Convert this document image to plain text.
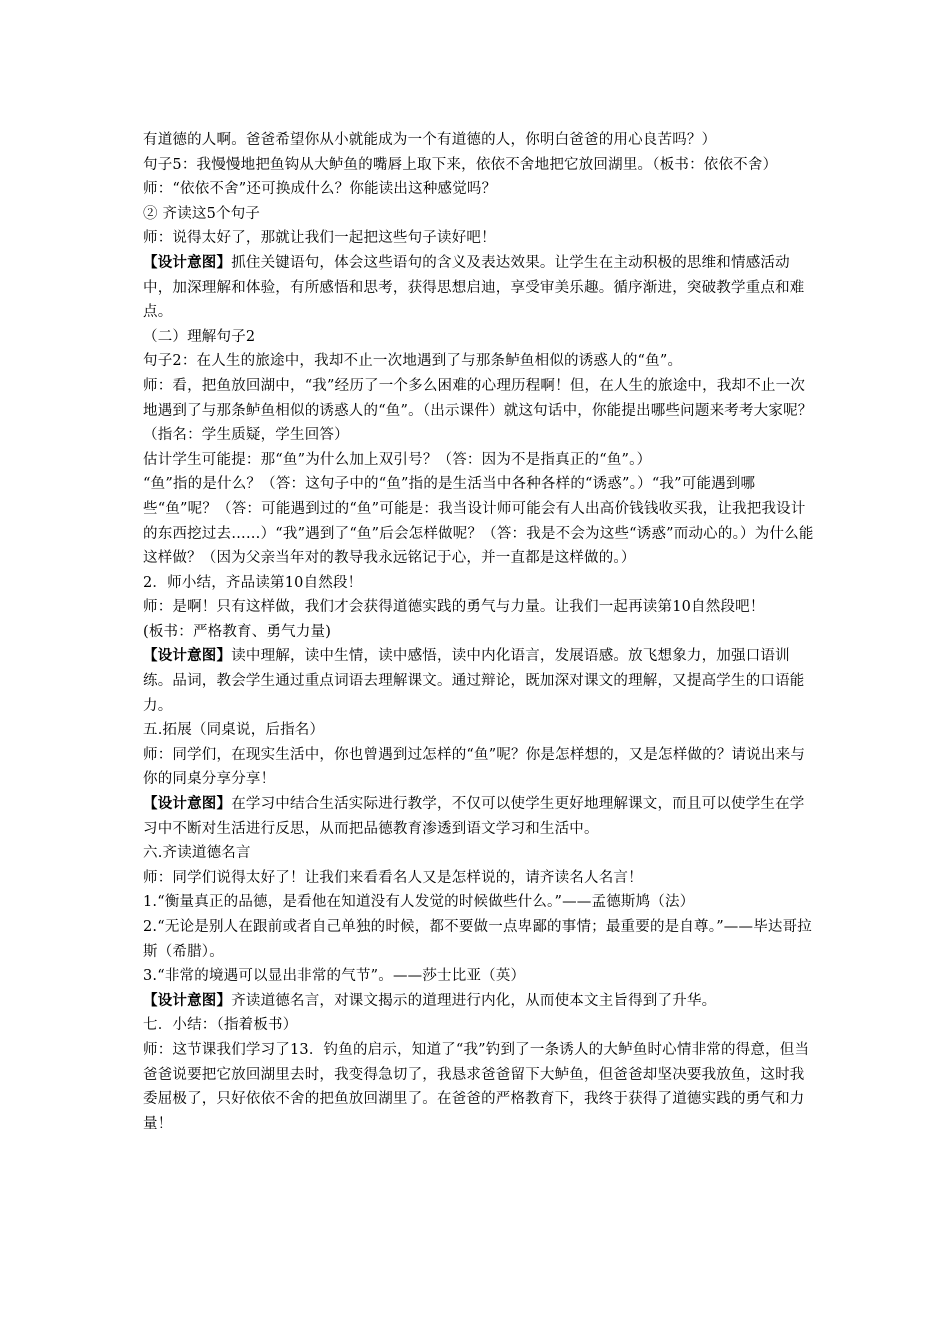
有道德的人啊。爸爸希望你从小就能成为一个有道德的人，你明白爸爸的用心良苦吗？）

句子5：我慢慢地把鱼钩从大鲈鱼的嘴唇上取下来，依依不舍地把它放回湖里。（板书：依依不舍）

师：“依依不舍”还可换成什么？你能读出这种感觉吗？

② 齐读这5个句子

师：说得太好了，那就让我们一起把这些句子读好吧！

【设计意图】抓住关键语句，体会这些语句的含义及表达效果。让学生在主动积极的思维和情感活动中，加深理解和体验，有所感悟和思考，获得思想启迪，享受审美乐趣。循序渐进，突破教学重点和难点。

（二）理解句子2

句子2：在人生的旅途中，我却不止一次地遇到了与那条鲈鱼相似的诱惑人的“鱼”。

师：看，把鱼放回湖中，“我”经历了一个多么困难的心理历程啊！但，在人生的旅途中，我却不止一次地遇到了与那条鲈鱼相似的诱惑人的“鱼”。（出示课件）就这句话中，你能提出哪些问题来考考大家呢？（指名：学生质疑，学生回答）

估计学生可能提：那“鱼”为什么加上双引号？（答：因为不是指真正的“鱼”。）

“鱼”指的是什么？（答：这句子中的“鱼”指的是生活当中各种各样的“诱惑”。）“我”可能遇到哪些“鱼”呢？（答：可能遇到过的“鱼”可能是：我当设计师可能会有人出高价钱钱收买我，让我把我设计的东西挖过去……）“我”遇到了“鱼”后会怎样做呢？（答：我是不会为这些“诱惑”而动心的。）为什么能这样做？（因为父亲当年对的教导我永远铭记于心，并一直都是这样做的。）

2．师小结，齐品读第10自然段！

师：是啊！只有这样做，我们才会获得道德实践的勇气与力量。让我们一起再读第10自然段吧！

(板书：严格教育、勇气力量)

【设计意图】读中理解，读中生情，读中感悟，读中内化语言，发展语感。放飞想象力，加强口语训练。品词，教会学生通过重点词语去理解课文。通过辩论，既加深对课文的理解，又提高学生的口语能力。

五.拓展（同桌说，后指名）

师：同学们，在现实生活中，你也曾遇到过怎样的“鱼”呢？你是怎样想的，又是怎样做的？请说出来与你的同桌分享分享！

【设计意图】在学习中结合生活实际进行教学，不仅可以使学生更好地理解课文，而且可以使学生在学习中不断对生活进行反思，从而把品德教育渗透到语文学习和生活中。

六.齐读道德名言

师：同学们说得太好了！让我们来看看名人又是怎样说的，请齐读名人名言！

1.“衡量真正的品德，是看他在知道没有人发觉的时候做些什么。”——孟德斯鸠（法）

2.“无论是别人在跟前或者自己单独的时候，都不要做一点卑鄙的事情；最重要的是自尊。”——毕达哥拉斯（希腊）。

3.“非常的境遇可以显出非常的气节”。——莎士比亚（英）

【设计意图】齐读道德名言，对课文揭示的道理进行内化，从而使本文主旨得到了升华。

七．小结：（指着板书）

师：这节课我们学习了13．钓鱼的启示，知道了“我”钓到了一条诱人的大鲈鱼时心情非常的得意，但当爸爸说要把它放回湖里去时，我变得急切了，我恳求爸爸留下大鲈鱼，但爸爸却坚决要我放鱼，这时我委屈极了，只好依依不舍的把鱼放回湖里了。在爸爸的严格教育下，我终于获得了道德实践的勇气和力量！
